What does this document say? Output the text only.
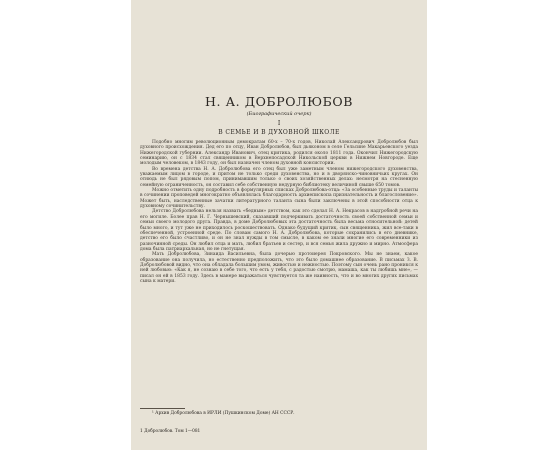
Н. А. ДОБРОЛЮБОВ
(Биографический очерк)
I
В СЕМЬЕ И В ДУХОВНОЙ ШКОЛЕ

Подобно многим революционным демократам 60-х – 70-х годов, Николай Александрович Добролюбов был духовного происхождения. Дед его по отцу, Иван Добролюбов, был дьяконом в селе Гельсине Макарьевского уезда Нижегородской губернии. Александр Иванович, отец критика, родился около 1811 года. Окончил Нижегородскую семинарию, он с 1834 стал священником в Верхнепосадской Никольской церкви в Нижнем Новгороде. Еще молодым человеком, в 1843 году, он был назначен членом духовной консистории.

Во времена детства Н. А. Добролюбова его отец был уже заметным членом нижегородского духовенства, уважаемым лицом в городе, и притом не только среди духовенства, но и в дворянско-чиновничьих кругах. Он отнюдь не был рядовым попом, принимавшим только о своих хозяйственных делах: несмотря на стесненную семейную ограниченность, он составил себе собственную недурную библиотеку величиной свыше 650 томов.

Можно отметить одну подробность в формулярных списках Добролюбова-отца: «За особенные труды и таланты в сочинении проповедей многократно объявлялась благодарность архиепископа признательность и благословение». Может быть, наследственные зачатки литературного таланта сына были заключены в этой способности отца к духовному сочинительству.

Детство Добролюбова нельзя назвать «бедным» детством, как это сделал Н. А. Некрасов в надгробной речи на его могиле. Более прав Н. Г. Чернышевский, сказавший подчеркивать достаточность своей собственной семьи и семьи своего молодого друга. Правда, в доме Добролюбовых эта достаточность была весьма относительной: детей было много, и тут уже не приходилось роскошествовать. Однако будущий критик, сын священника, жил все-таки в обеспеченной, устроенной среде. По словам самого Н. А. Добролюбова, которые сохранились в его дневнике, детство его было счастливо, и он не знал нужды в том смысле, в каком ее знали многие его современники из разночинной среды. Он любил отца и мать, любил братьев и сестер, и вся семья жила дружно и мирно. Атмосфера дома была патриархальная, но не гнетущая.

Мать Добролюбова, Зинаида Васильевна, была дочерью протоиерея Покровского. Мы не знаем, какое образование она получила, но естественно предположить, что это было домашнее образование. В письмах З. В. Добролюбовой видно, что она обладала большим умом, живостью и нежностью. Поэтому сын очень рано проникся к ней любовью: «Как я, не сознаю в себе того, что есть у тебя, с радостью смотрю, мамаша, как ты любишь мне», — писал он ей в 1853 году. Здесь в манере выражаться чувствуется та же наивность, что и во многих других письмах сына к матери.

¹ Архив Добролюбова в ИРЛИ (Пушкинском Доме) АН СССР.
1 Добролюбов. Том 1—081
